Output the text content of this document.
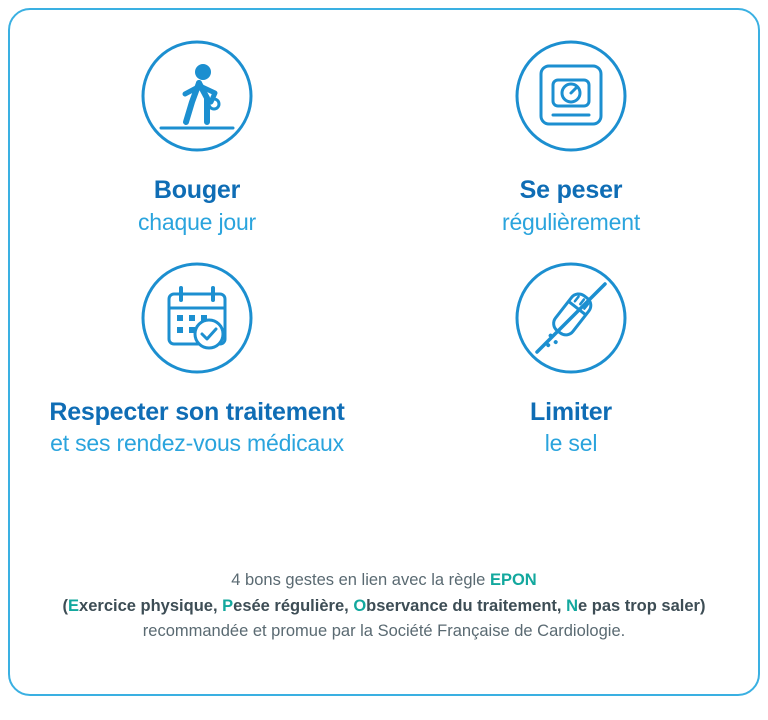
Bouger
chaque jour
Se peser
régulièrement
Respecter son traitement
et ses rendez-vous médicaux
Limiter
le sel
4 bons gestes en lien avec la règle EPON
(Exercice physique, Pesée régulière, Observance du traitement, Ne pas trop saler)
recommandée et promue par la Société Française de Cardiologie.
